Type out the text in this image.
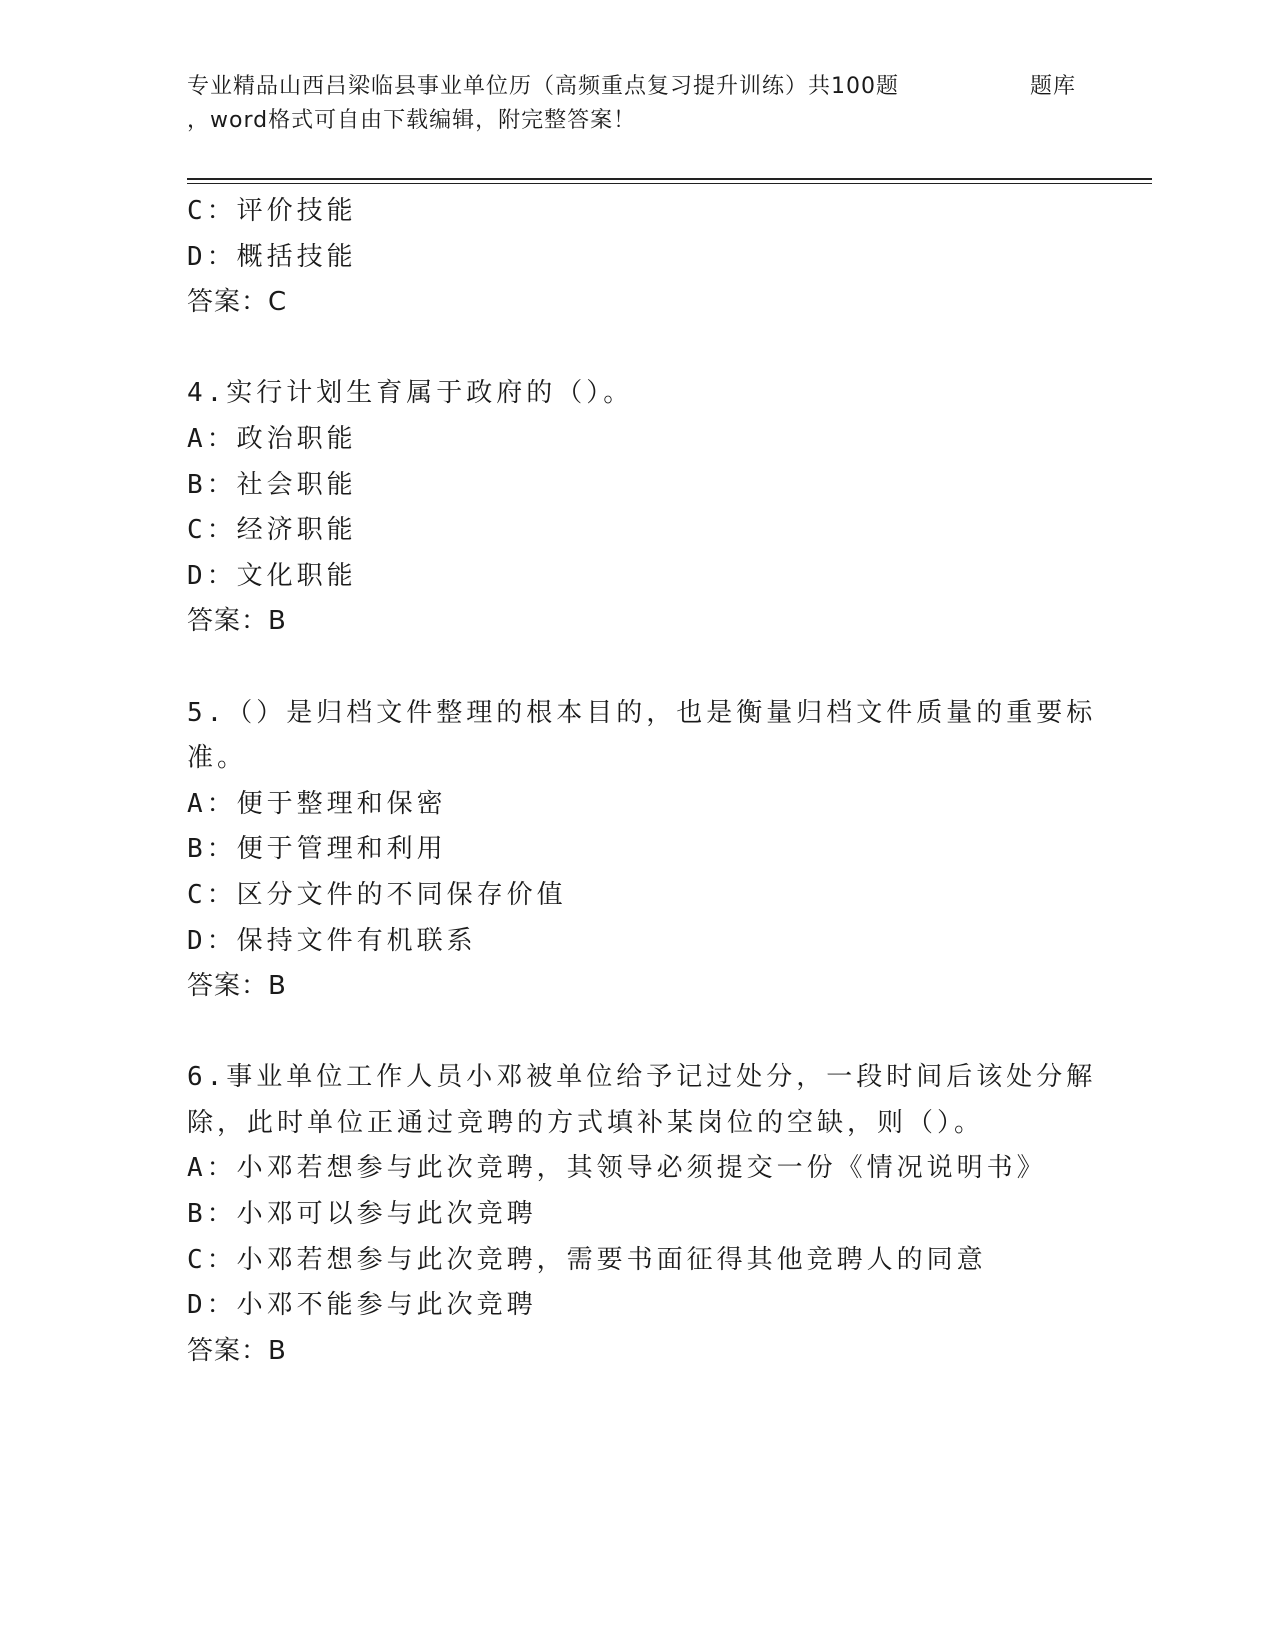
专业精品山西吕梁临县事业单位历（高频重点复习提升训练）共100题	题库
，word格式可自由下载编辑，附完整答案！
C：评价技能
D：概括技能
答案：C
4.实行计划生育属于政府的（）。
A：政治职能
B：社会职能
C：经济职能
D：文化职能
答案：B
5.（）是归档文件整理的根本目的，也是衡量归档文件质量的重要标
准。
A：便于整理和保密
B：便于管理和利用
C：区分文件的不同保存价值
D：保持文件有机联系
答案：B
6.事业单位工作人员小邓被单位给予记过处分，一段时间后该处分解
除，此时单位正通过竞聘的方式填补某岗位的空缺，则（）。
A：小邓若想参与此次竞聘，其领导必须提交一份《情况说明书》
B：小邓可以参与此次竞聘
C：小邓若想参与此次竞聘，需要书面征得其他竞聘人的同意
D：小邓不能参与此次竞聘
答案：B
